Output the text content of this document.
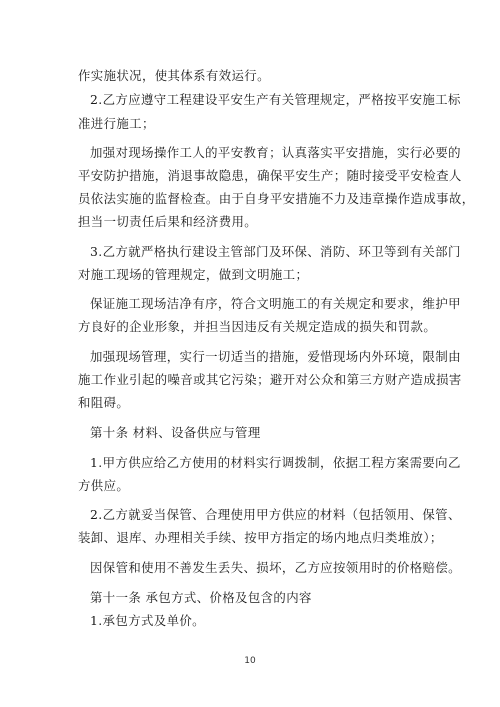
作实施状况，使其体系有效运行。
2.乙方应遵守工程建设平安生产有关管理规定，严格按平安施工标
准进行施工；
加强对现场操作工人的平安教育；认真落实平安措施，实行必要的
平安防护措施，消退事故隐患，确保平安生产；随时接受平安检查人
员依法实施的监督检查。由于自身平安措施不力及违章操作造成事故，
担当一切责任后果和经济费用。
3.乙方就严格执行建设主管部门及环保、消防、环卫等到有关部门
对施工现场的管理规定，做到文明施工；
保证施工现场洁净有序，符合文明施工的有关规定和要求，维护甲
方良好的企业形象，并担当因违反有关规定造成的损失和罚款。
加强现场管理，实行一切适当的措施，爱惜现场内外环境，限制由
施工作业引起的噪音或其它污染；避开对公众和第三方财产造成损害
和阻碍。
第十条 材料、设备供应与管理
1.甲方供应给乙方使用的材料实行调拨制，依据工程方案需要向乙
方供应。
2.乙方就妥当保管、合理使用甲方供应的材料（包括领用、保管、
装卸、退库、办理相关手续、按甲方指定的场内地点归类堆放）；
因保管和使用不善发生丢失、损坏，乙方应按领用时的价格赔偿。
第十一条 承包方式、价格及包含的内容
1.承包方式及单价。
10
